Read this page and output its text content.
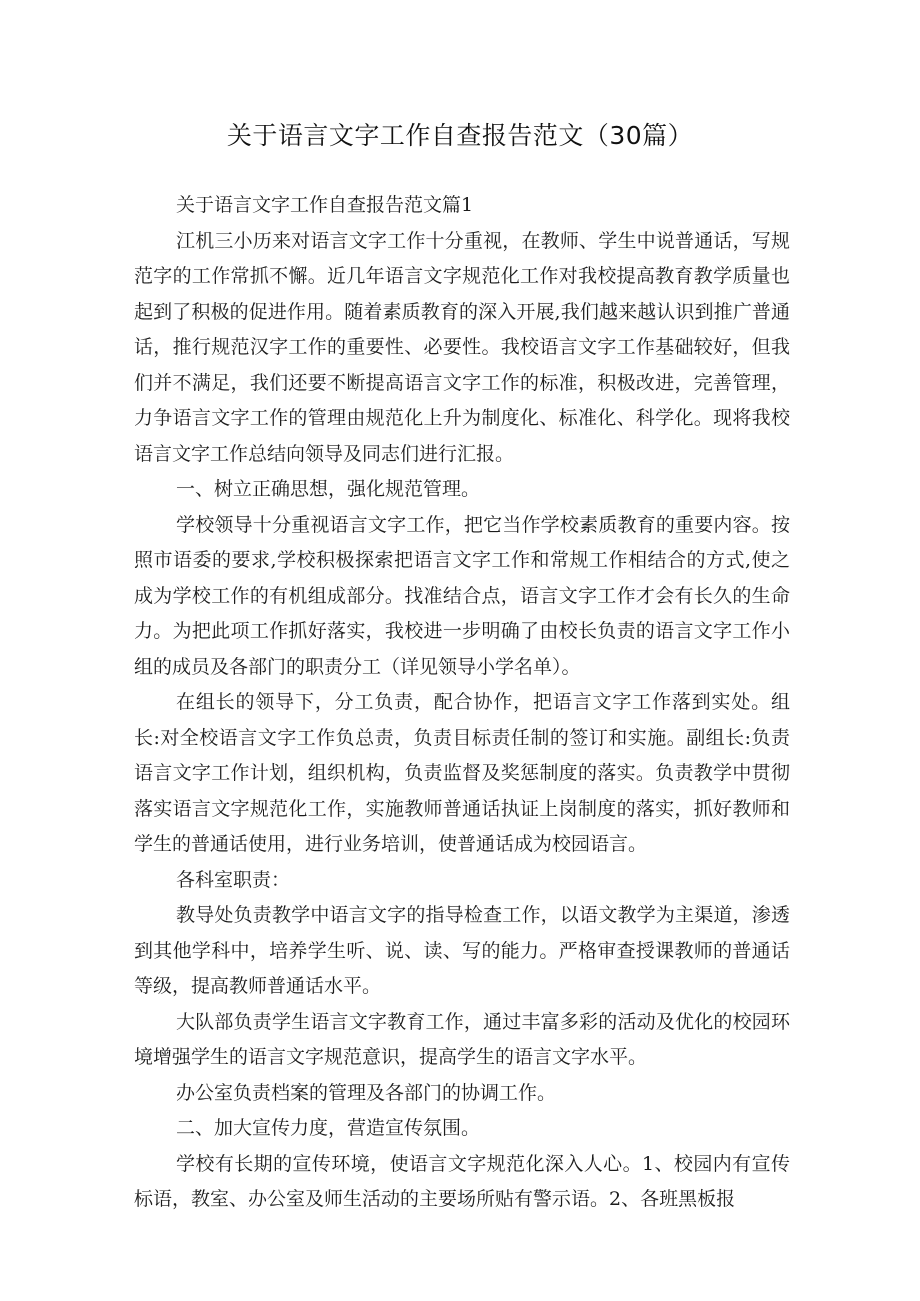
关于语言文字工作自查报告范文（30篇）

关于语言文字工作自查报告范文篇1

江机三小历来对语言文字工作十分重视，在教师、学生中说普通话，写规范字的工作常抓不懈。近几年语言文字规范化工作对我校提高教育教学质量也起到了积极的促进作用。随着素质教育的深入开展,我们越来越认识到推广普通话，推行规范汉字工作的重要性、必要性。我校语言文字工作基础较好，但我们并不满足，我们还要不断提高语言文字工作的标准，积极改进，完善管理，力争语言文字工作的管理由规范化上升为制度化、标准化、科学化。现将我校语言文字工作总结向领导及同志们进行汇报。

一、树立正确思想，强化规范管理。

学校领导十分重视语言文字工作，把它当作学校素质教育的重要内容。按照市语委的要求,学校积极探索把语言文字工作和常规工作相结合的方式,使之成为学校工作的有机组成部分。找准结合点，语言文字工作才会有长久的生命力。为把此项工作抓好落实，我校进一步明确了由校长负责的语言文字工作小组的成员及各部门的职责分工（详见领导小学名单）。

在组长的领导下，分工负责，配合协作，把语言文字工作落到实处。组长:对全校语言文字工作负总责，负责目标责任制的签订和实施。副组长:负责语言文字工作计划，组织机构，负责监督及奖惩制度的落实。负责教学中贯彻落实语言文字规范化工作，实施教师普通话执证上岗制度的落实，抓好教师和学生的普通话使用，进行业务培训，使普通话成为校园语言。

各科室职责：

教导处负责教学中语言文字的指导检查工作，以语文教学为主渠道，渗透到其他学科中，培养学生听、说、读、写的能力。严格审查授课教师的普通话等级，提高教师普通话水平。

大队部负责学生语言文字教育工作，通过丰富多彩的活动及优化的校园环境增强学生的语言文字规范意识，提高学生的语言文字水平。

办公室负责档案的管理及各部门的协调工作。

二、加大宣传力度，营造宣传氛围。

学校有长期的宣传环境，使语言文字规范化深入人心。1、校园内有宣传标语，教室、办公室及师生活动的主要场所贴有警示语。2、各班黑板报
